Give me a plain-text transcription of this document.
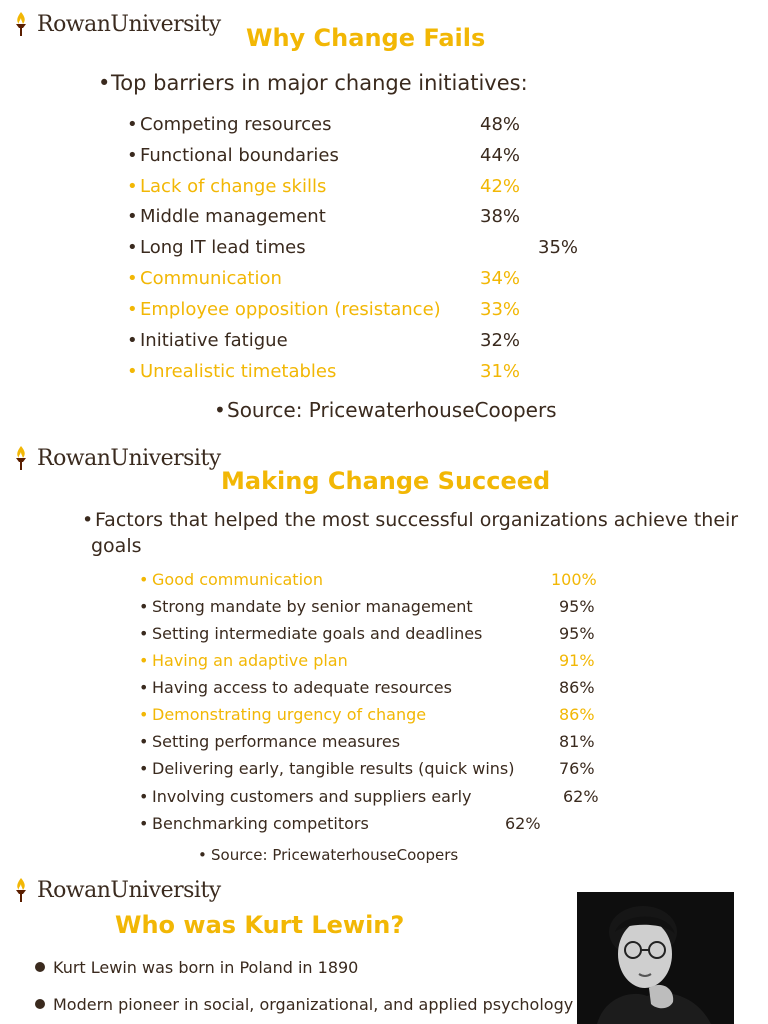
RowanUniversity Why Change Fails
• Top barriers in major change initiatives:
• Competing resources	48%
• Functional boundaries	44%
• Lack of change skills	42%
• Middle management	38%
• Long IT lead times	35%
• Communication	34%
• Employee opposition (resistance) 33%
• Initiative fatigue	32%
• Unrealistic timetables	31%
• Source: PricewaterhouseCoopers
RowanUniversity
Making Change Succeed
• Factors that helped the most successful organizations achieve their
goals
• Good communication	100%
• Strong mandate by senior management	95%
• Setting intermediate goals and deadlines	95%
• Having an adaptive plan	91%
• Having access to adequate resources	86%
• Demonstrating urgency of change	86%
• Setting performance measures	81%
• Delivering early, tangible results (quick wins)	76%
• Involving customers and suppliers early	62%
• Benchmarking competitors	62%
• Source: PricewaterhouseCoopers
RowanUniversity
Who was Kurt Lewin?
Kurt Lewin was born in Poland in 1890
Modern pioneer in social, organizational, and applied psychology
